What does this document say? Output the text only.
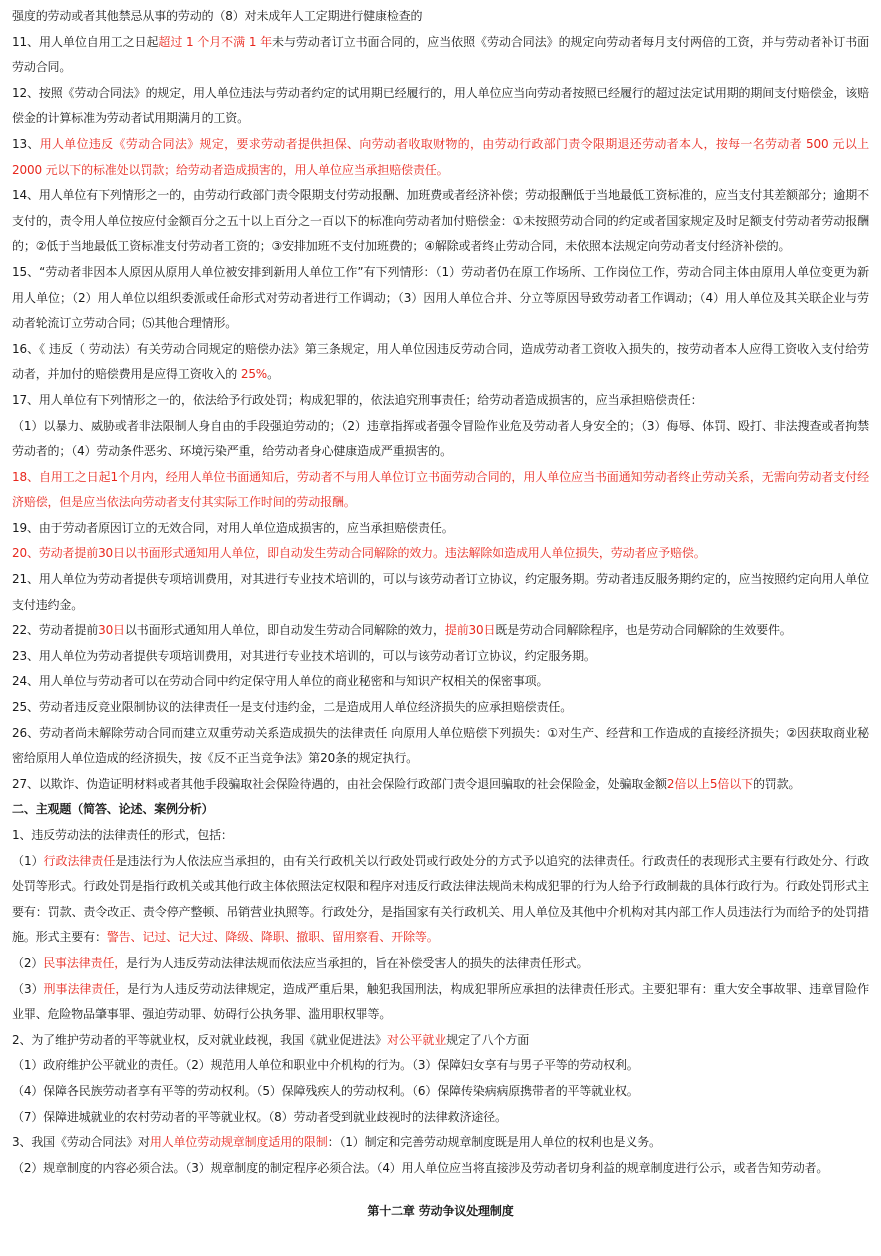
强度的劳动或者其他禁忌从事的劳动的（8）对未成年人工定期进行健康检查的

11、用人单位自用工之日起超过 1 个月不满 1 年未与劳动者订立书面合同的，应当依照《劳动合同法》的规定向劳动者每月支付两倍的工资，并与劳动者补订书面劳动合同。

12、按照《劳动合同法》的规定，用人单位违法与劳动者约定的试用期已经履行的，用人单位应当向劳动者按照已经履行的超过法定试用期的期间支付赔偿金，该赔偿金的计算标准为劳动者试用期满月的工资。

13、用人单位违反《劳动合同法》规定，要求劳动者提供担保、向劳动者收取财物的，由劳动行政部门责令限期退还劳动者本人，按每一名劳动者 500 元以上 2000 元以下的标准处以罚款；给劳动者造成损害的，用人单位应当承担赔偿责任。

14、用人单位有下列情形之一的，由劳动行政部门责令限期支付劳动报酬、加班费或者经济补偿；劳动报酬低于当地最低工资标准的，应当支付其差额部分；逾期不支付的，责令用人单位按应付金额百分之五十以上百分之一百以下的标准向劳动者加付赔偿金：①未按照劳动合同的约定或者国家规定及时足额支付劳动者劳动报酬的；②低于当地最低工资标准支付劳动者工资的；③安排加班不支付加班费的；④解除或者终止劳动合同，未依照本法规定向劳动者支付经济补偿的。

15、“劳动者非因本人原因从原用人单位被安排到新用人单位工作”有下列情形：（1）劳动者仍在原工作场所、工作岗位工作，劳动合同主体由原用人单位变更为新用人单位；（2）用人单位以组织委派或任命形式对劳动者进行工作调动；（3）因用人单位合并、分立等原因导致劳动者工作调动；（4）用人单位及其关联企业与劳动者轮流订立劳动合同；⑸其他合理情形。

16、《 违反（ 劳动法）有关劳动合同规定的赔偿办法》第三条规定，用人单位因违反劳动合同，造成劳动者工资收入损失的，按劳动者本人应得工资收入支付给劳动者，并加付的赔偿费用是应得工资收入的 25%。

17、用人单位有下列情形之一的，依法给予行政处罚；构成犯罪的，依法追究刑事责任；给劳动者造成损害的，应当承担赔偿责任：

（1）以暴力、威胁或者非法限制人身自由的手段强迫劳动的；（2）违章指挥或者强令冒险作业危及劳动者人身安全的；（3）侮辱、体罚、殴打、非法搜查或者拘禁劳动者的；（4）劳动条件恶劣、环境污染严重，给劳动者身心健康造成严重损害的。

18、自用工之日起1个月内，经用人单位书面通知后，劳动者不与用人单位订立书面劳动合同的，用人单位应当书面通知劳动者终止劳动关系，无需向劳动者支付经济赔偿，但是应当依法向劳动者支付其实际工作时间的劳动报酬。

19、由于劳动者原因订立的无效合同，对用人单位造成损害的，应当承担赔偿责任。

20、劳动者提前30日以书面形式通知用人单位，即自动发生劳动合同解除的效力。违法解除如造成用人单位损失，劳动者应予赔偿。

21、用人单位为劳动者提供专项培训费用，对其进行专业技术培训的，可以与该劳动者订立协议，约定服务期。劳动者违反服务期约定的，应当按照约定向用人单位支付违约金。

22、劳动者提前30日以书面形式通知用人单位，即自动发生劳动合同解除的效力，提前30日既是劳动合同解除程序，也是劳动合同解除的生效要件。

23、用人单位为劳动者提供专项培训费用，对其进行专业技术培训的，可以与该劳动者订立协议，约定服务期。

24、用人单位与劳动者可以在劳动合同中约定保守用人单位的商业秘密和与知识产权相关的保密事项。

25、劳动者违反竞业限制协议的法律责任一是支付违约金，二是造成用人单位经济损失的应承担赔偿责任。

26、劳动者尚未解除劳动合同而建立双重劳动关系造成损失的法律责任 向原用人单位赔偿下列损失：①对生产、经营和工作造成的直接经济损失；②因获取商业秘密给原用人单位造成的经济损失，按《反不正当竞争法》第20条的规定执行。

27、以欺诈、伪造证明材料或者其他手段骗取社会保险待遇的，由社会保险行政部门责令退回骗取的社会保险金，处骗取金额2倍以上5倍以下的罚款。

二、主观题（简答、论述、案例分析）

1、违反劳动法的法律责任的形式，包括：

（1）行政法律责任是违法行为人依法应当承担的，由有关行政机关以行政处罚或行政处分的方式予以追究的法律责任。行政责任的表现形式主要有行政处分、行政处罚等形式。行政处罚是指行政机关或其他行政主体依照法定权限和程序对违反行政法律法规尚未构成犯罪的行为人给予行政制裁的具体行政行为。行政处罚形式主要有：罚款、责令改正、责令停产整顿、吊销营业执照等。行政处分，是指国家有关行政机关、用人单位及其他中介机构对其内部工作人员违法行为而给予的处罚措施。形式主要有：警告、记过、记大过、降级、降职、撤职、留用察看、开除等。

（2）民事法律责任，是行为人违反劳动法律法规而依法应当承担的，旨在补偿受害人的损失的法律责任形式。

（3）刑事法律责任，是行为人违反劳动法律规定，造成严重后果，触犯我国刑法，构成犯罪所应承担的法律责任形式。主要犯罪有：重大安全事故罪、违章冒险作业罪、危险物品肇事罪、强迫劳动罪、妨碍行公执务罪、滥用职权罪等。

2、为了维护劳动者的平等就业权，反对就业歧视，我国《就业促进法》对公平就业规定了八个方面

（1）政府维护公平就业的责任。（2）规范用人单位和职业中介机构的行为。（3）保障妇女享有与男子平等的劳动权利。

（4）保障各民族劳动者享有平等的劳动权利。（5）保障残疾人的劳动权利。（6）保障传染病病原携带者的平等就业权。

（7）保障进城就业的农村劳动者的平等就业权。（8）劳动者受到就业歧视时的法律救济途径。

3、我国《劳动合同法》对用人单位劳动规章制度适用的限制：（1）制定和完善劳动规章制度既是用人单位的权利也是义务。

（2）规章制度的内容必须合法。（3）规章制度的制定程序必须合法。（4）用人单位应当将直接涉及劳动者切身利益的规章制度进行公示，或者告知劳动者。

第十二章 劳动争议处理制度
